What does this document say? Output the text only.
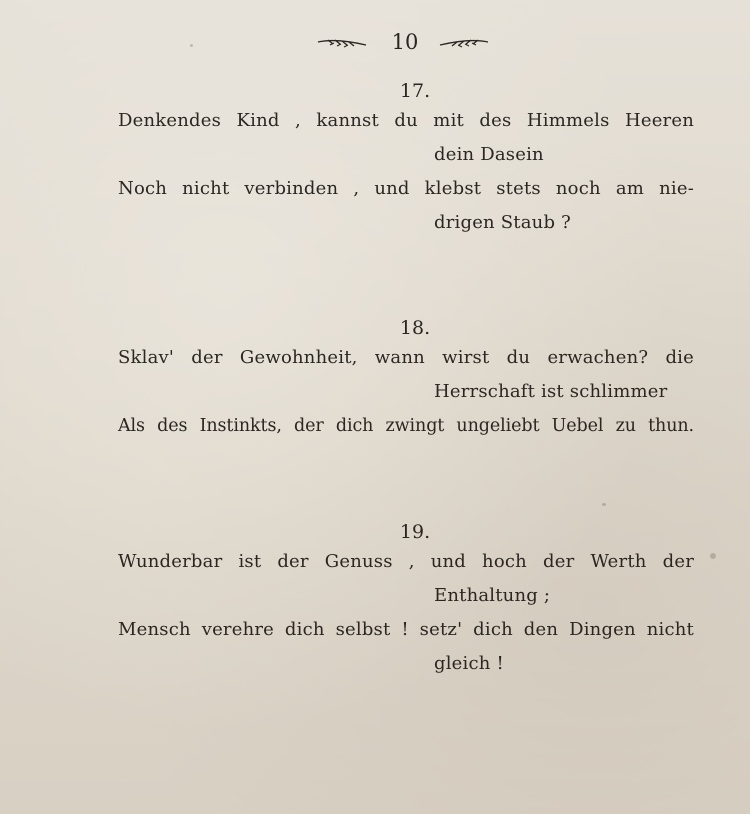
10
17.
Denkendes Kind , kannst du mit des Himmels Heeren
dein Dasein
Noch nicht verbinden , und klebst stets noch am nie-
drigen Staub ?
18.
Sklav' der Gewohnheit, wann wirst du erwachen? die
Herrschaft ist schlimmer
Als des Instinkts, der dich zwingt ungeliebt Uebel zu thun.
19.
Wunderbar ist der Genuss , und hoch der Werth der
Enthaltung ;
Mensch verehre dich selbst ! setz' dich den Dingen nicht
gleich !
